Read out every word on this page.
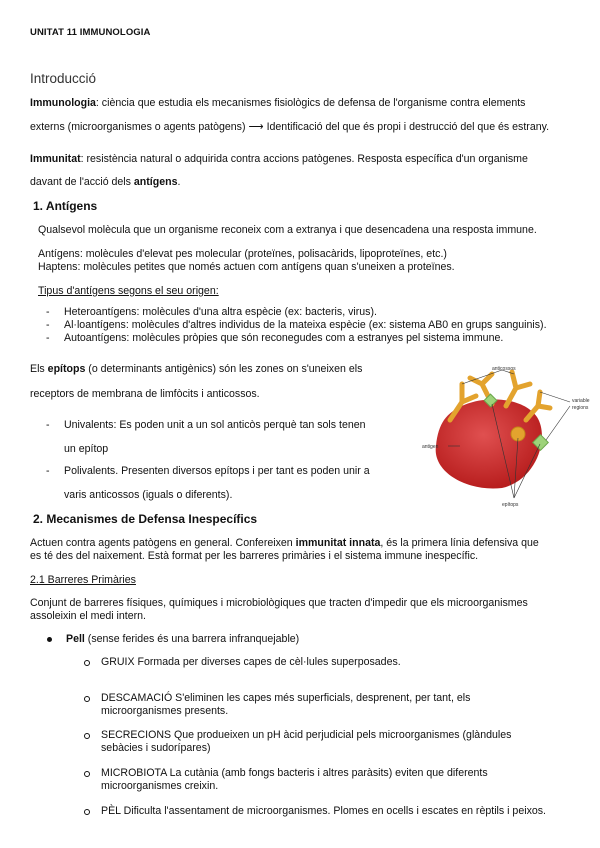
UNITAT 11 IMMUNOLOGIA
Introducció
Immunologia: ciència que estudia els mecanismes fisiològics de defensa de l'organisme contra elements
externs (microorganismes o agents patògens) ⟶ Identificació del que és propi i destrucció del que és estrany.
Immunitat: resistència natural o adquirida contra accions patògenes. Resposta específica d'un organisme
davant de l'acció dels antígens.
1. Antígens
Qualsevol molècula que un organisme reconeix com a extranya i que desencadena una resposta immune.
Antígens: molècules d'elevat pes molecular (proteïnes, polisacàrids, lipoproteïnes, etc.)
Haptens: molècules petites que només actuen com antígens quan s'uneixen a proteïnes.
Tipus d'antígens segons el seu origen:
- Heteroantígens: molècules d'una altra espècie (ex: bacteris, virus).
- Al·loantígens: molècules d'altres individus de la mateixa espècie (ex: sistema AB0 en grups sanguinis).
- Autoantígens: molècules pròpies que són reconegudes com a estranyes pel sistema immune.
Els epítops (o determinants antigènics) són les zones on s'uneixen els
receptors de membrana de limfòcits i anticossos.
- Univalents: Es poden unit a un sol anticòs perquè tan sols tenen
un epítop
- Polivalents. Presenten diversos epítops i per tant es poden unir a
varis anticossos (iguals o diferents).
anticossos
variable
regions
antigen
epítops
2. Mecanismes de Defensa Inespecífics
Actuen contra agents patògens en general. Confereixen immunitat innata, és la primera línia defensiva que
es té des del naixement. Està format per les barreres primàries i el sistema immune inespecífic.
2.1 Barreres Primàries
Conjunt de barreres físiques, químiques i microbiològiques que tracten d'impedir que els microorganismes
assoleixin el medi intern.
Pell (sense ferides és una barrera infranquejable)
GRUIX Formada per diverses capes de cèl·lules superposades.
DESCAMACIÓ S'eliminen les capes més superficials, desprenent, per tant, els
microorganismes presents.
SECRECIONS Que produeixen un pH àcid perjudicial pels microorganismes (glàndules
sebàcies i sudorípares)
MICROBIOTA La cutània (amb fongs bacteris i altres paràsits) eviten que diferents
microorganismes creixin.
PÈL Dificulta l'assentament de microorganismes. Plomes en ocells i escates en rèptils i peixos.
